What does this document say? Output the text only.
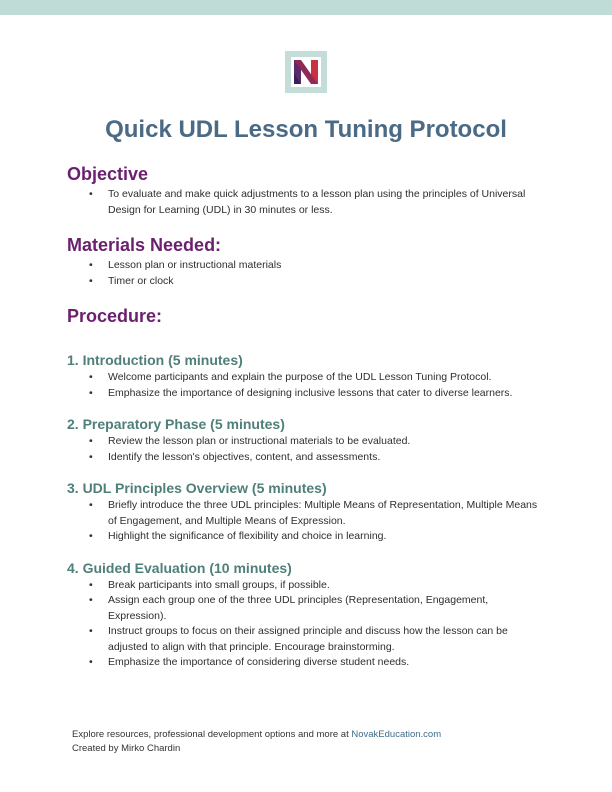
Quick UDL Lesson Tuning Protocol
Objective
• To evaluate and make quick adjustments to a lesson plan using the principles of Universal Design for Learning (UDL) in 30 minutes or less.
Materials Needed:
• Lesson plan or instructional materials
• Timer or clock
Procedure:
1. Introduction (5 minutes)
• Welcome participants and explain the purpose of the UDL Lesson Tuning Protocol.
• Emphasize the importance of designing inclusive lessons that cater to diverse learners.
2. Preparatory Phase (5 minutes)
• Review the lesson plan or instructional materials to be evaluated.
• Identify the lesson's objectives, content, and assessments.
3. UDL Principles Overview (5 minutes)
• Briefly introduce the three UDL principles: Multiple Means of Representation, Multiple Means of Engagement, and Multiple Means of Expression.
• Highlight the significance of flexibility and choice in learning.
4. Guided Evaluation (10 minutes)
• Break participants into small groups, if possible.
• Assign each group one of the three UDL principles (Representation, Engagement, Expression).
• Instruct groups to focus on their assigned principle and discuss how the lesson can be adjusted to align with that principle. Encourage brainstorming.
• Emphasize the importance of considering diverse student needs.
Explore resources, professional development options and more at NovakEducation.com
Created by Mirko Chardin
